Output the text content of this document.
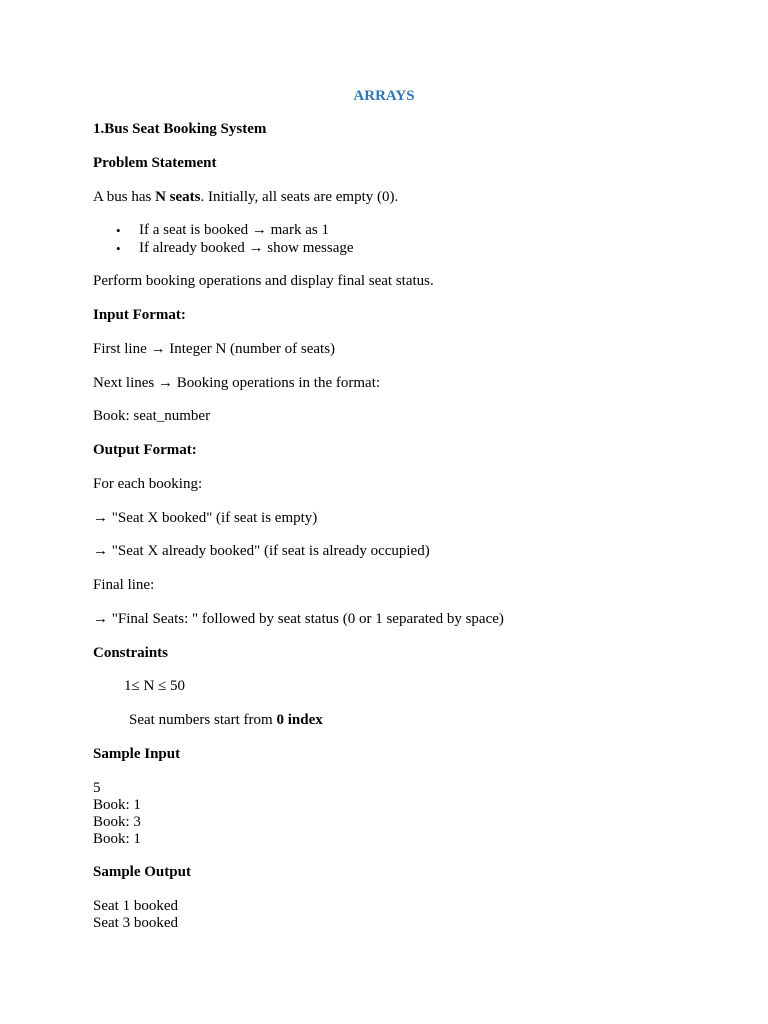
ARRAYS
1.Bus Seat Booking System
Problem Statement
A bus has N seats. Initially, all seats are empty (0).
• If a seat is booked → mark as 1
• If already booked → show message
Perform booking operations and display final seat status.
Input Format:
First line → Integer N (number of seats)
Next lines → Booking operations in the format:
Book: seat_number
Output Format:
For each booking:
→ "Seat X booked" (if seat is empty)
→ "Seat X already booked" (if seat is already occupied)
Final line:
→ "Final Seats: " followed by seat status (0 or 1 separated by space)
Constraints
1≤ N ≤ 50
Seat numbers start from 0 index
Sample Input
5
Book: 1
Book: 3
Book: 1
Sample Output
Seat 1 booked
Seat 3 booked
